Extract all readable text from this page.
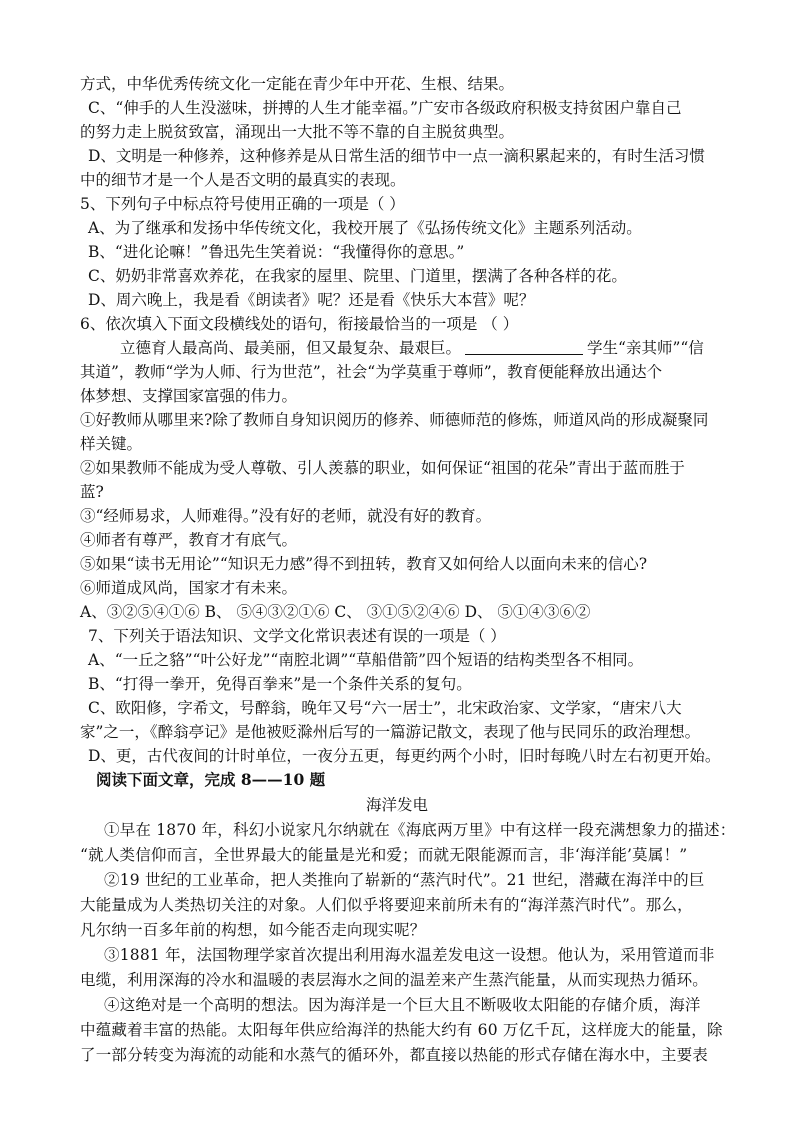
方式，中华优秀传统文化一定能在青少年中开花、生根、结果。
C、“伸手的人生没滋味，拼搏的人生才能幸福。”广安市各级政府积极支持贫困户靠自己
的努力走上脱贫致富，涌现出一大批不等不靠的自主脱贫典型。
D、文明是一种修养，这种修养是从日常生活的细节中一点一滴积累起来的，有时生活习惯
中的细节才是一个人是否文明的最真实的表现。
5、下列句子中标点符号使用正确的一项是（ ）
A、为了继承和发扬中华传统文化，我校开展了《弘扬传统文化》主题系列活动。
B、“进化论嘛！”鲁迅先生笑着说：“我懂得你的意思。”
C、奶奶非常喜欢养花，在我家的屋里、院里、门道里，摆满了各种各样的花。
D、周六晚上，我是看《朗读者》呢？还是看《快乐大本营》呢？
6、依次填入下面文段横线处的语句，衔接最恰当的一项是 （ ）
立德育人最高尚、最美丽，但又最复杂、最艰巨。	学生“亲其师”“信
其道”，教师“学为人师、行为世范”，社会“为学莫重于尊师”，教育便能释放出通达个
体梦想、支撑国家富强的伟力。
①好教师从哪里来?除了教师自身知识阅历的修养、师德师范的修炼，师道风尚的形成凝聚同
样关键。
②如果教师不能成为受人尊敬、引人羡慕的职业，如何保证“祖国的花朵”青出于蓝而胜于
蓝?
③“经师易求，人师难得。”没有好的老师，就没有好的教育。
④师者有尊严，教育才有底气。
⑤如果“读书无用论”“知识无力感”得不到扭转，教育又如何给人以面向未来的信心?
⑥师道成风尚，国家才有未来。
A、③②⑤④①⑥ B、 ⑤④③②①⑥ C、 ③①⑤②④⑥ D、 ⑤①④③⑥②
7、下列关于语法知识、文学文化常识表述有误的一项是（ ）
A、“一丘之貉”“叶公好龙”“南腔北调”“草船借箭”四个短语的结构类型各不相同。
B、“打得一拳开，免得百拳来”是一个条件关系的复句。
C、欧阳修，字希文，号醉翁，晚年又号“六一居士”，北宋政治家、文学家，“唐宋八大
家”之一，《醉翁亭记》是他被贬滁州后写的一篇游记散文，表现了他与民同乐的政治理想。
D、更，古代夜间的计时单位，一夜分五更，每更约两个小时，旧时每晚八时左右初更开始。
阅读下面文章，完成 8——10 题
海洋发电
①早在 1870 年，科幻小说家凡尔纳就在《海底两万里》中有这样一段充满想象力的描述：
“就人类信仰而言，全世界最大的能量是光和爱；而就无限能源而言，非‘海洋能’莫属！”
②19 世纪的工业革命，把人类推向了崭新的“蒸汽时代”。21 世纪，潜藏在海洋中的巨
大能量成为人类热切关注的对象。人们似乎将要迎来前所未有的“海洋蒸汽时代”。那么，
凡尔纳一百多年前的构想，如今能否走向现实呢？
③1881 年，法国物理学家首次提出利用海水温差发电这一设想。他认为，采用管道而非
电缆，利用深海的冷水和温暖的表层海水之间的温差来产生蒸汽能量，从而实现热力循环。
④这绝对是一个高明的想法。因为海洋是一个巨大且不断吸收太阳能的存储介质，海洋
中蕴藏着丰富的热能。太阳每年供应给海洋的热能大约有 60 万亿千瓦，这样庞大的能量，除
了一部分转变为海流的动能和水蒸气的循环外，都直接以热能的形式存储在海水中，主要表
